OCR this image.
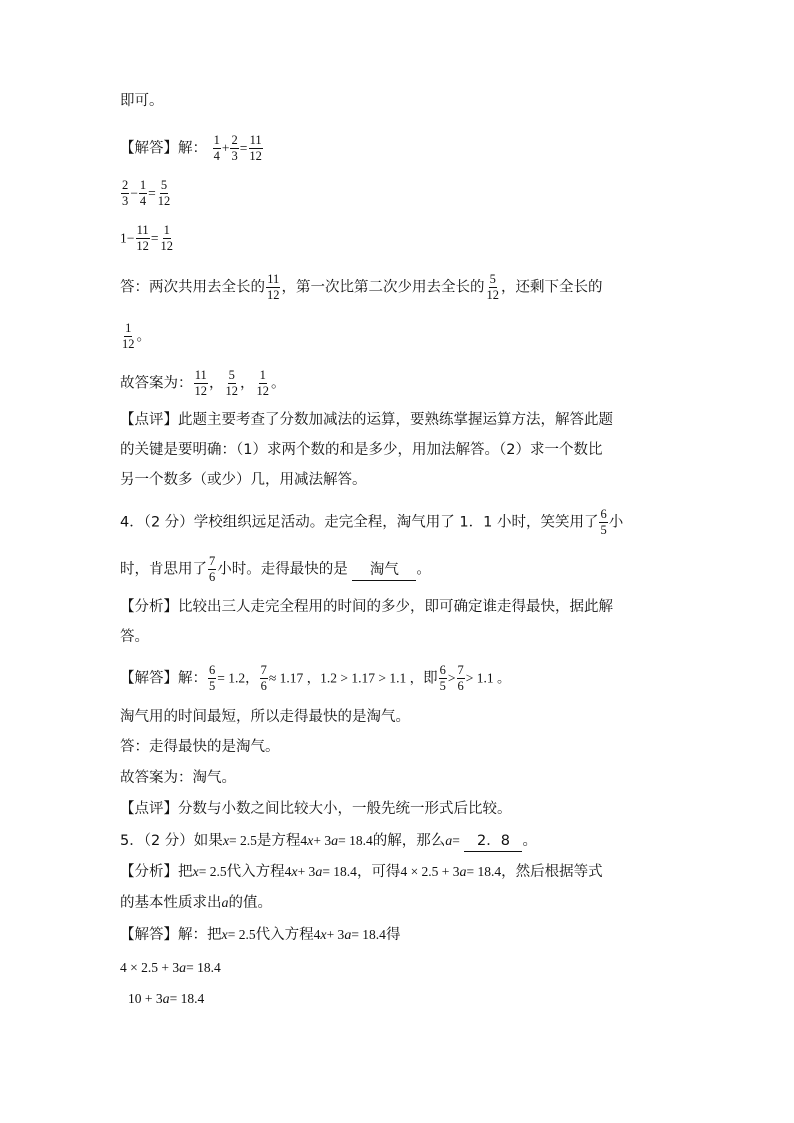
即可。
【解答】解： $\frac{1}{4} + \frac{2}{3} = \frac{11}{12}$
$\frac{2}{3} - \frac{1}{4} = \frac{5}{12}$
$1- \frac{11}{12} = \frac{1}{12}$
答：两次共用去全长的 $\frac{11}{12}$ ，第一次比第二次少用去全长的 $\frac{5}{12}$ ，还剩下全长的
$\frac{1}{12}$ 。
故答案为： $\frac{11}{12}$ ， $\frac{5}{12}$ ， $\frac{1}{12}$ 。
【点评】此题主要考查了分数加减法的运算，要熟练掌握运算方法，解答此题
的关键是要明确：（1）求两个数的和是多少，用加法解答。（2）求一个数比
另一个数多（或少）几，用减法解答。
4．（2 分）学校组织远足活动。走完全程，淘气用了 1．1 小时，笑笑用了 $\frac{6}{5}$ 小
时，肯思用了 $\frac{7}{6}$ 小时。走得最快的是 淘气 。
【分析】比较出三人走完全程用的时间的多少，即可确定谁走得最快，据此解
答。
【解答】解： $\frac{6}{5} = 1.2$， $\frac{7}{6} \approx 1.17$ ，1.2 > 1.17 > 1.1 ，即 $\frac{6}{5} > \frac{7}{6} > 1.1$ 。
淘气用的时间最短，所以走得最快的是淘气。
答：走得最快的是淘气。
故答案为：淘气。
【点评】分数与小数之间比较大小，一般先统一形式后比较。
5．（2 分）如果x= 2.5是方程4x+ 3a= 18.4的解，那么a= 2．8 。
【分析】把x= 2.5代入方程4x+ 3a= 18.4，可得4 × 2.5 + 3a= 18.4，然后根据等式
的基本性质求出a的值。
【解答】解：把x= 2.5代入方程4x+ 3a= 18.4得
4 × 2.5 + 3a= 18.4
10 + 3a= 18.4
